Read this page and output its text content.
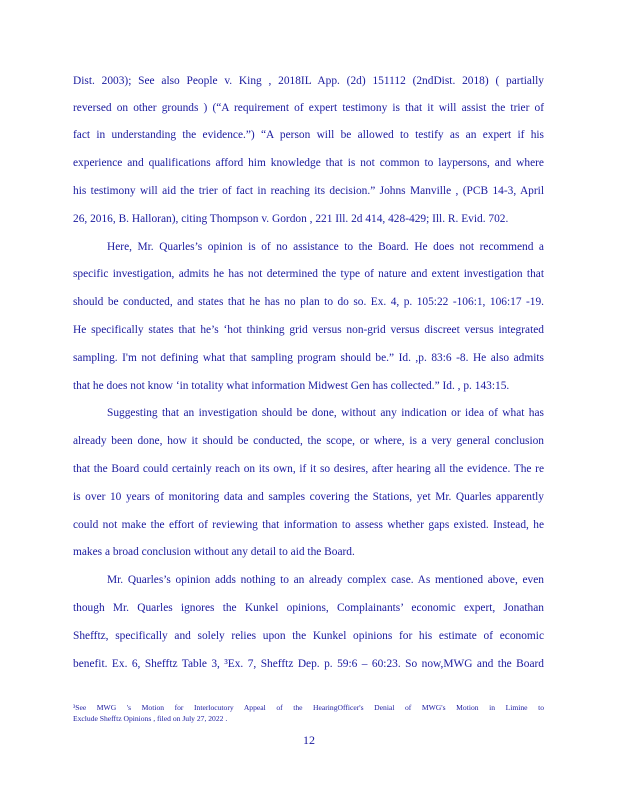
Dist. 2003); See also People v. King , 2018IL App. (2d) 151112 (2ndDist. 2018) ( partially
reversed on other grounds ) (“A requirement of expert testimony is that it will assist the trier of
fact in understanding the evidence.”) “A person will be allowed to testify as an expert if his
experience and qualifications afford him knowledge that is not common to laypersons, and where
his testimony will aid the trier of fact in reaching its decision.” Johns Manville , (PCB 14-3, April
26, 2016, B. Halloran), citing Thompson v. Gordon , 221 Ill. 2d 414, 428-429; Ill. R. Evid. 702.
Here, Mr. Quarles’s opinion is of no assistance to the Board. He does not recommend a
specific investigation, admits he has not determined the type of nature and extent investigation that
should be conducted, and states that he has no plan to do so. Ex. 4, p. 105:22 -106:1, 106:17 -19.
He specifically states that he’s ‘hot thinking grid versus non-grid versus discreet versus integrated
sampling. I'm not defining what that sampling program should be.” Id. ,p. 83:6 -8. He also admits
that he does not know ‘in totality what information Midwest Gen has collected.” Id. , p. 143:15.
Suggesting that an investigation should be done, without any indication or idea of what has
already been done, how it should be conducted, the scope, or where, is a very general conclusion
that the Board could certainly reach on its own, if it so desires, after hearing all the evidence. The re
is over 10 years of monitoring data and samples covering the Stations, yet Mr. Quarles apparently
could not make the effort of reviewing that information to assess whether gaps existed. Instead, he
makes a broad conclusion without any detail to aid the Board.
Mr. Quarles’s opinion adds nothing to an already complex case. As mentioned above, even
though Mr. Quarles ignores the Kunkel opinions, Complainants’ economic expert, Jonathan
Shefftz, specifically and solely relies upon the Kunkel opinions for his estimate of economic
benefit. Ex. 6, Shefftz Table 3, ³Ex. 7, Shefftz Dep. p. 59:6 – 60:23. So now,MWG and the Board
³See MWG 's Motion for Interlocutory Appeal of the HearingOfficer's Denial of MWG's Motion in Limine to
Exclude Shefftz Opinions , filed on July 27, 2022 .
12
